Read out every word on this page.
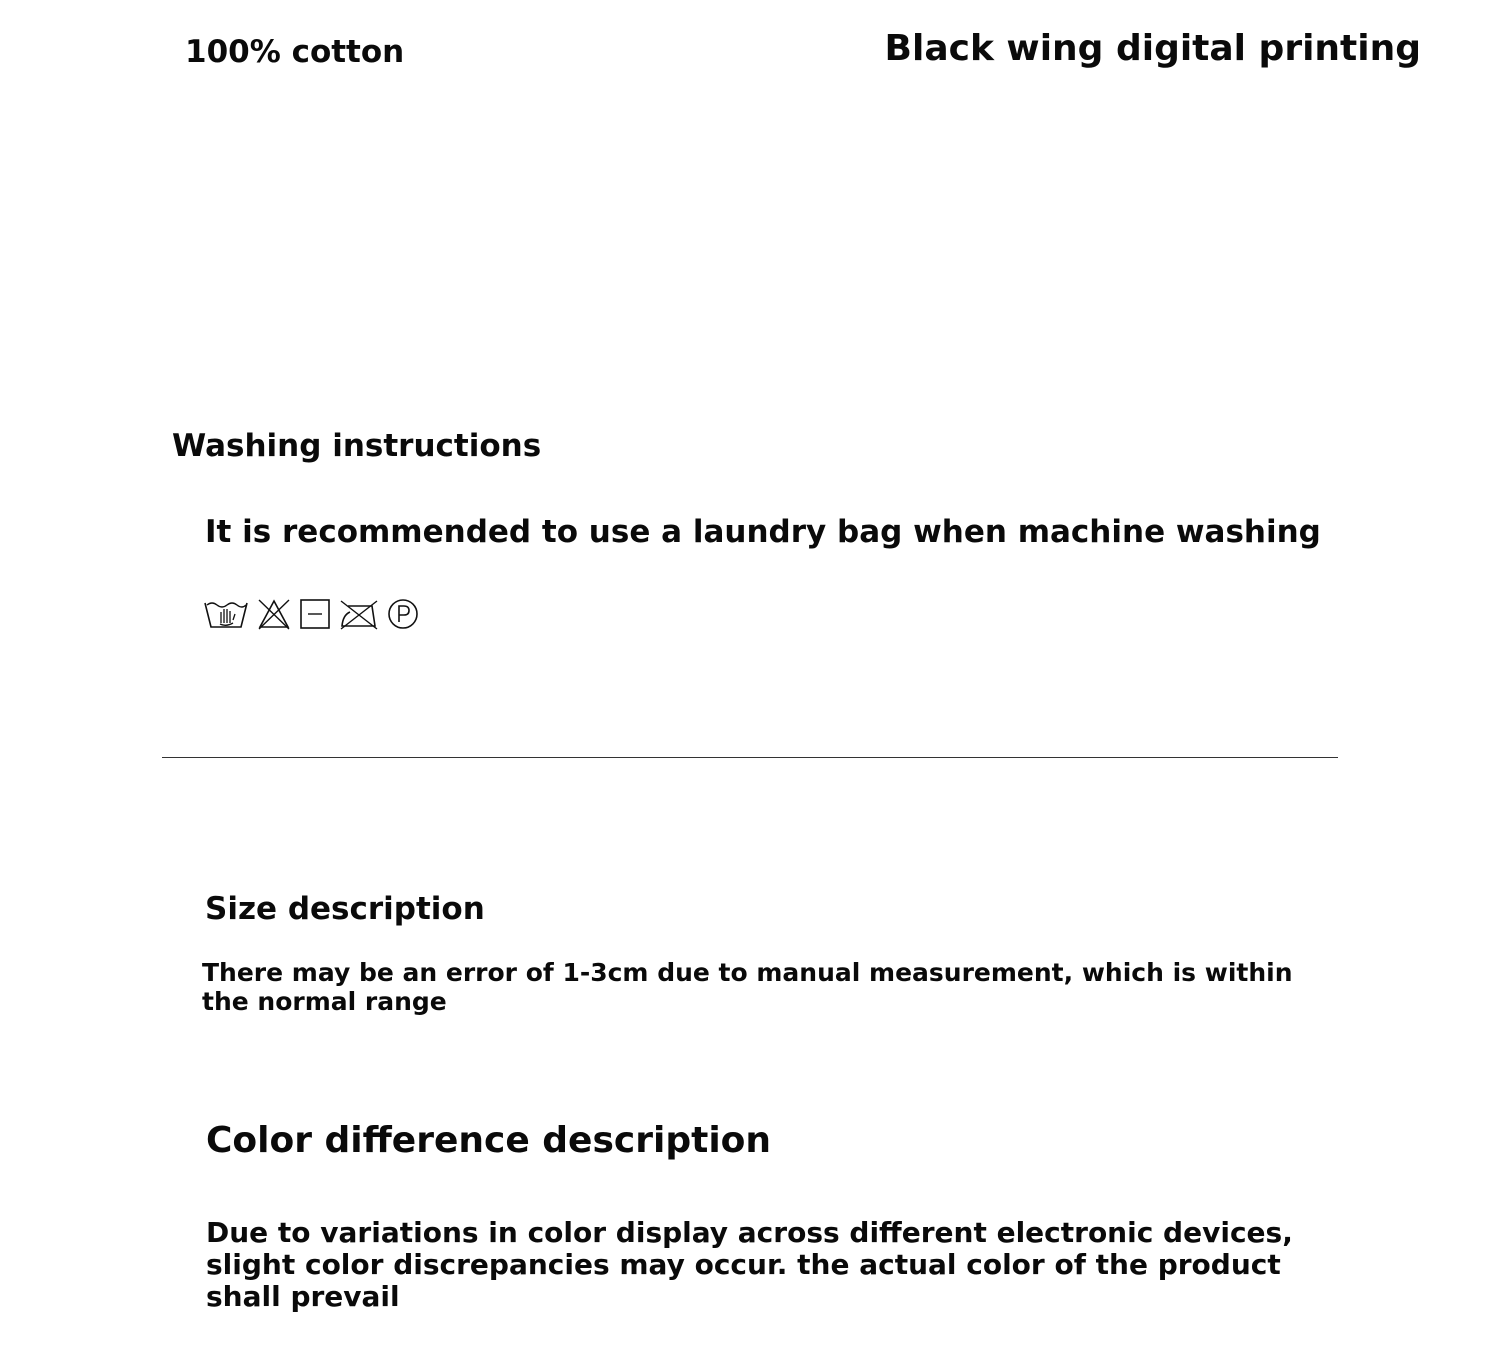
100% cotton	Black wing digital printing
Washing instructions
It is recommended to use a laundry bag when machine washing
Size description
There may be an error of 1-3cm due to manual measurement, which is within the normal range
Color difference description
Due to variations in color display across different electronic devices, slight color discrepancies may occur. the actual color of the product shall prevail
